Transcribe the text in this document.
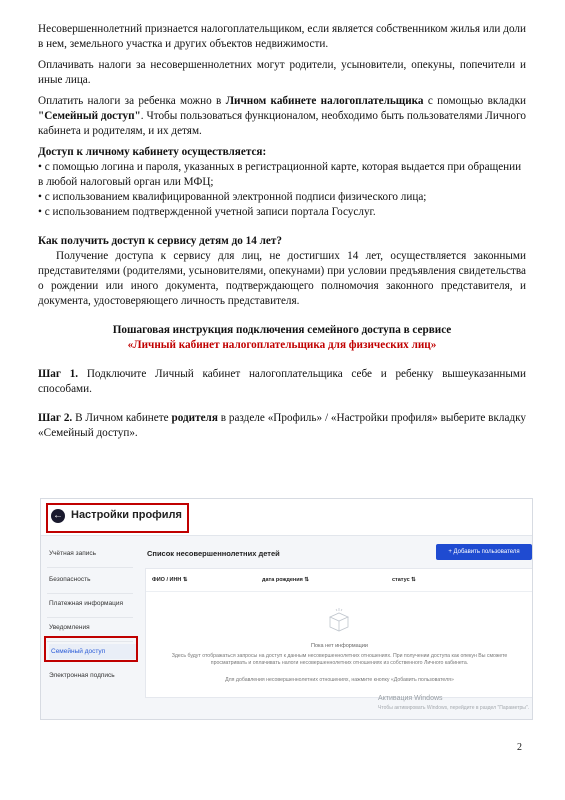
Несовершеннолетний признается налогоплательщиком, если является собственником жилья или доли в нем, земельного участка и других объектов недвижимости.

Оплачивать налоги за несовершеннолетних могут родители, усыновители, опекуны, попечители и иные лица.

Оплатить налоги за ребенка можно в Личном кабинете налогоплательщика с помощью вкладки "Семейный доступ". Чтобы пользоваться функционалом, необходимо быть пользователями Личного кабинета и родителям, и их детям.

Доступ к личному кабинету осуществляется:

• с помощью логина и пароля, указанных в регистрационной карте, которая выдается при обращении в любой налоговый орган или МФЦ;

• с использованием квалифицированной электронной подписи физического лица;

• с использованием подтвержденной учетной записи портала Госуслуг.

Как получить доступ к сервису детям до 14 лет?

Получение доступа к сервису для лиц, не достигших 14 лет, осуществляется законными представителями (родителями, усыновителями, опекунами) при условии предъявления свидетельства о рождении или иного документа, подтверждающего полномочия законного представителя, и документа, удостоверяющего личность представителя.

Пошаговая инструкция подключения семейного доступа в сервисе

«Личный кабинет налогоплательщика для физических лиц»

Шаг 1. Подключите Личный кабинет налогоплательщика себе и ребенку вышеуказанными способами.

Шаг 2. В Личном кабинете родителя в разделе «Профиль» / «Настройки профиля» выберите вкладку «Семейный доступ».

← Настройки профиля
Учётная запись
Безопасность
Платежная информация
Уведомления
Семейный доступ
Электронная подпись
Список несовершеннолетних детей	+ Добавить пользователя
ФИО / ИНН ⇅	дата рождения ⇅	статус ⇅
Пока нет информации
Здесь будут отображаться запросы на доступ к данным несовершеннолетних отношениях. При получении доступа как опекун Вы сможете просматривать и оплачивать налоги несовершеннолетних отношениях из собственного Личного кабинета.
Для добавления несовершеннолетних отношениях, нажмите кнопку «Добавить пользователя»
Активация Windows
Чтобы активировать Windows, перейдите в раздел "Параметры".
2
